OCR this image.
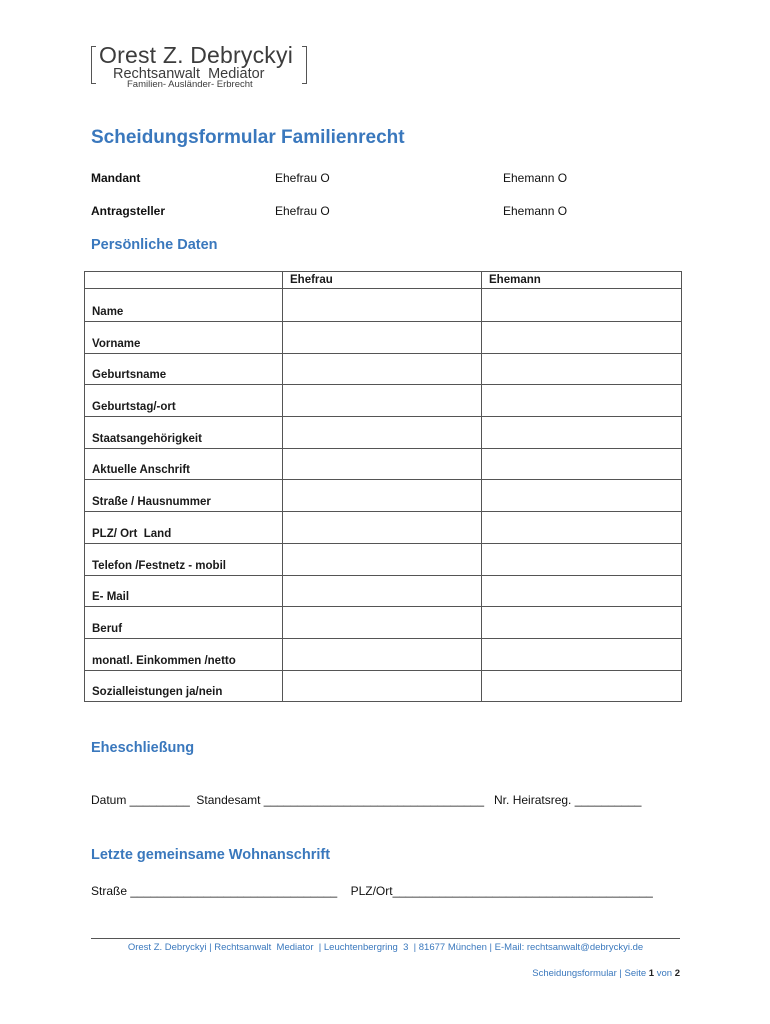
Orest Z. Debryckyi
Rechtsanwalt  Mediator
Familien- Ausländer- Erbrecht
Scheidungsformular Familienrecht
Mandant	Ehefrau O	Ehemann O
Antragsteller	Ehefrau O	Ehemann O
Persönliche Daten
	Ehefrau	Ehemann
Name		
Vorname		
Geburtsname		
Geburtstag/-ort		
Staatsangehörigkeit		
Aktuelle Anschrift		
Straße / Hausnummer		
PLZ/ Ort  Land		
Telefon /Festnetz - mobil		
E- Mail		
Beruf		
monatl. Einkommen /netto		
Sozialleistungen ja/nein		
Eheschließung
Datum _________  Standesamt _________________________________   Nr. Heiratsreg. __________
Letzte gemeinsame Wohnanschrift
Straße _______________________________    PLZ/Ort_______________________________________
Orest Z. Debryckyi | Rechtsanwalt  Mediator  | Leuchtenbergring  3  | 81677 München | E-Mail: rechtsanwalt@debryckyi.de
Scheidungsformular | Seite 1 von 2
